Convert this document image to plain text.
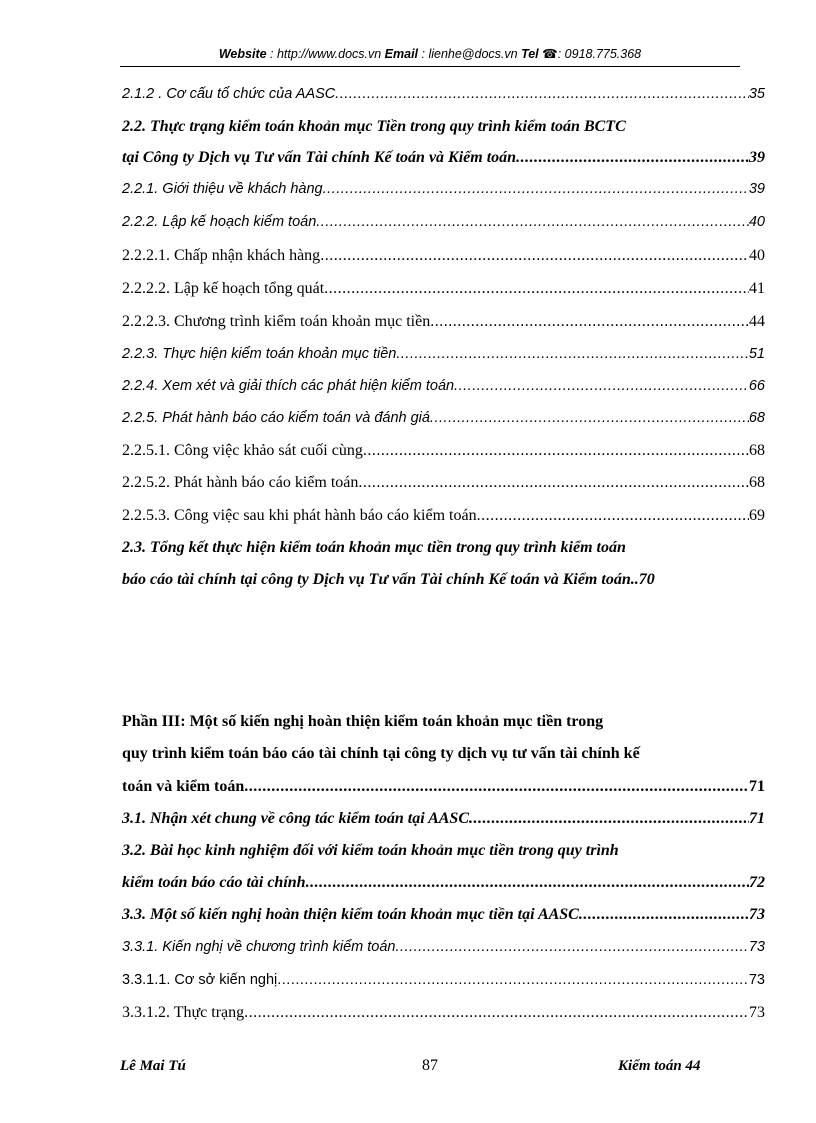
Website : http://www.docs.vn Email : lienhe@docs.vn Tel ☎: 0918.775.368
2.1.2 . Cơ cấu tổ chức của AASC .....	35
2.2. Thực trạng kiểm toán khoản mục Tiền trong quy trình kiểm toán BCTC
tại Công ty Dịch vụ Tư vấn Tài chính Kế toán và Kiểm toán .....	39
2.2.1. Giới thiệu về khách hàng .....	39
2.2.2. Lập kế hoạch kiểm toán .....	40
2.2.2.1. Chấp nhận khách hàng .....	40
2.2.2.2. Lập kế hoạch tổng quát .....	41
2.2.2.3. Chương trình kiểm toán khoản mục tiền .....	44
2.2.3. Thực hiện kiểm toán khoản mục tiền .....	51
2.2.4. Xem xét và giải thích các phát hiện kiểm toán .....	66
2.2.5. Phát hành báo cáo kiểm toán và đánh giá .....	68
2.2.5.1. Công việc khảo sát cuối cùng .....	68
2.2.5.2. Phát hành báo cáo kiểm toán .....	68
2.2.5.3. Công việc sau khi phát hành báo cáo kiểm toán .....	69
2.3. Tổng kết thực hiện kiểm toán khoản mục tiền trong quy trình kiểm toán
báo cáo tài chính tại công ty Dịch vụ Tư vấn Tài chính Kế toán và Kiểm toán..70
Phần III: Một số kiến nghị hoàn thiện kiểm toán khoản mục tiền trong
quy trình kiểm toán báo cáo tài chính tại công ty dịch vụ tư vấn tài chính kế
toán và kiểm toán .....	71
3.1. Nhận xét chung về công tác kiểm toán tại AASC .....	71
3.2. Bài học kinh nghiệm đối với kiểm toán khoản mục tiền trong quy trình
kiểm toán báo cáo tài chính .....	72
3.3. Một số kiến nghị hoàn thiện kiểm toán khoản mục tiền tại AASC .....	73
3.3.1. Kiến nghị về chương trình kiểm toán .....	73
3.3.1.1. Cơ sở kiến nghị .....	73
3.3.1.2. Thực trạng .....	73
Lê Mai Tú	87	Kiểm toán 44
